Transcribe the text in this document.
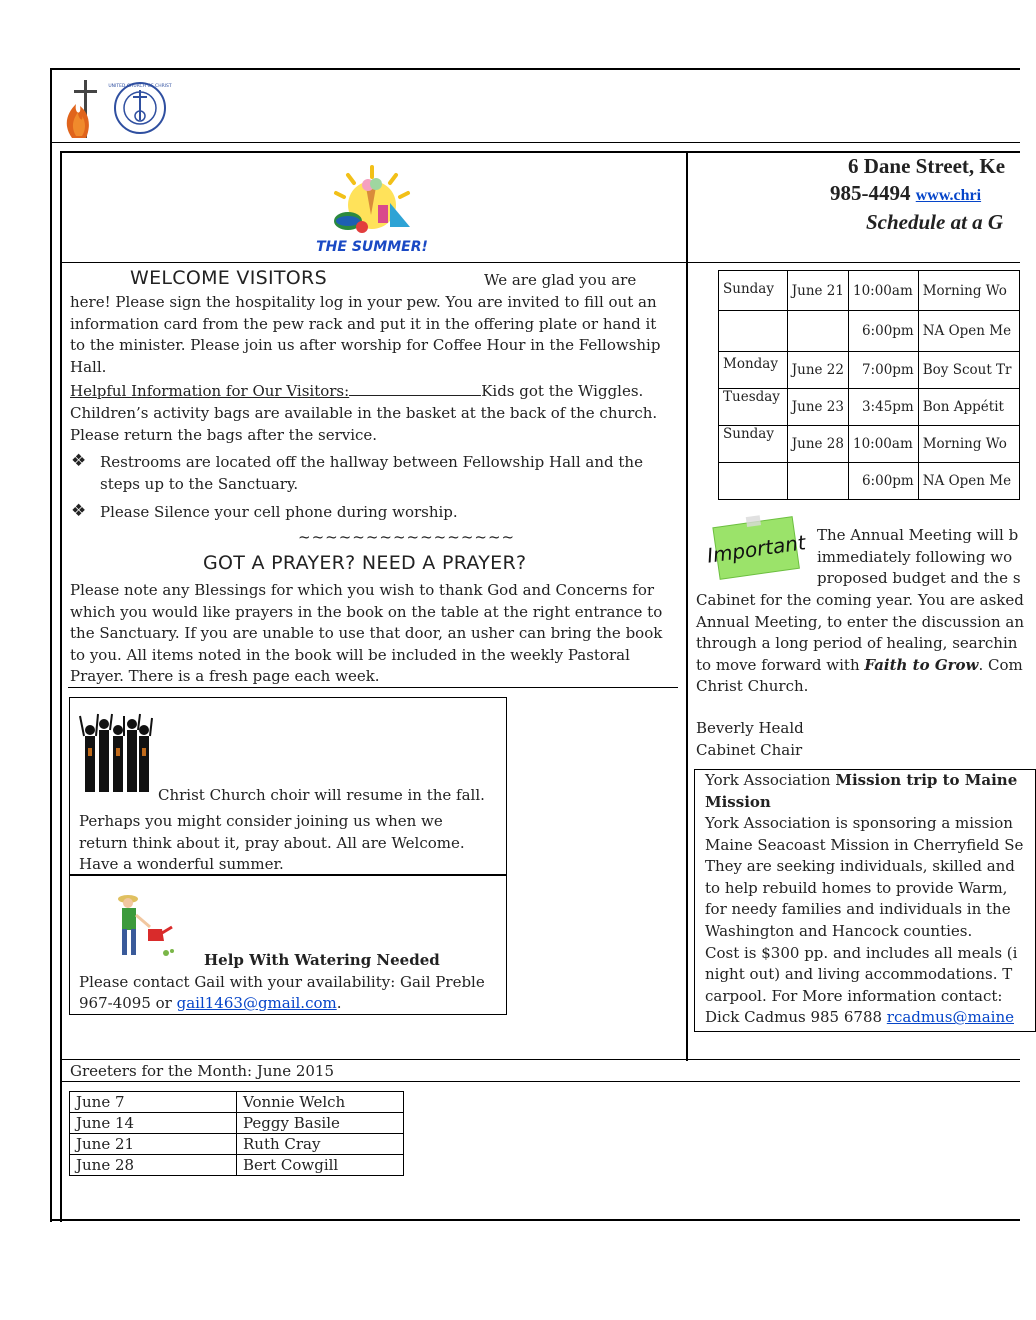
UNITED CHURCH OF CHRIST
THE SUMMER!
6 Dane Street, Ke
985-4494 www.chri
Schedule at a G
WELCOME VISITORS	We are glad you are
here! Please sign the hospitality log in your pew. You are invited to fill out an
information card from the pew rack and put it in the offering plate or hand it
to the minister. Please join us after worship for Coffee Hour in the Fellowship
Hall.
Helpful Information for Our Visitors:	Kids got the Wiggles.
Children’s activity bags are available in the basket at the back of the church.
Please return the bags after the service.
❖ Restrooms are located off the hallway between Fellowship Hall and the
steps up to the Sanctuary.
❖ Please Silence your cell phone during worship.
~~~~~~~~~~~~~~~~
GOT A PRAYER? NEED A PRAYER?
Please note any Blessings for which you wish to thank God and Concerns for
which you would like prayers in the book on the table at the right entrance to
the Sanctuary. If you are unable to use that door, an usher can bring the book
to you. All items noted in the book will be included in the weekly Pastoral
Prayer. There is a fresh page each week.
Christ Church choir will resume in the fall.
Perhaps you might consider joining us when we
return think about it, pray about. All are Welcome.
Have a wonderful summer.
Help With Watering Needed
Please contact Gail with your availability: Gail Preble
967-4095 or gail1463@gmail.com.
Sunday	June 21	10:00am	Morning Wo
		6:00pm	NA Open Me
Monday	June 22	7:00pm	Boy Scout Tr
Tuesday	June 23	3:45pm	Bon Appétit
Sunday	June 28	10:00am	Morning Wo
		6:00pm	NA Open Me
Important The Annual Meeting will b
immediately following wo
proposed budget and the s
Cabinet for the coming year. You are asked
Annual Meeting, to enter the discussion an
through a long period of healing, searchin
to move forward with Faith to Grow. Com
Christ Church.
Beverly Heald
Cabinet Chair
York Association Mission trip to Maine
Mission
York Association is sponsoring a mission
Maine Seacoast Mission in Cherryfield Se
They are seeking individuals, skilled and
to help rebuild homes to provide Warm,
for needy families and individuals in the
Washington and Hancock counties.
Cost is $300 pp. and includes all meals (i
night out) and living accommodations. T
carpool. For More information contact:
Dick Cadmus 985 6788 rcadmus@maine
Greeters for the Month: June 2015
June 7	Vonnie Welch
June 14	Peggy Basile
June 21	Ruth Cray
June 28	Bert Cowgill
